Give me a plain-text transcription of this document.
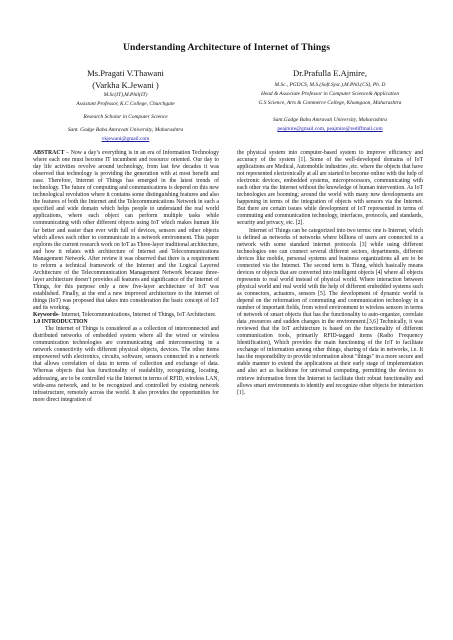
Understanding Architecture of Internet of Things
Ms.Pragati V.Thawani
(Varkha K.Jewani )
M.Sc(IT),M.Phil(IT)
Assistant Professor, K.C College, Churchgate
Research Scholar in Computer Science
Sant. Gadge Baba Amravati University, Maharashtra
vkjewani@gmail.com
Dr.Prafulla E.Ajmire,
M.Sc., PGDCS, M.S.(Soft.Syst.),M.Phil.(CS), Ph. D
Head & Associate Professor in Computer Science& Application
G.S Science, Arts & Commerce College, Khamgaon, Maharashtra
Sant.Gadge Baba Amravati University, Maharashtra
peajmire@gmail.com, peajmire@rediffmail.com

ABSTRACT – Now a day’s everything is in an era of Information Technology where each one must become IT incumbent and resource oriented. Our day to day life activities revolve around technology, from last few decades it was observed that technology is providing the generation with at most benefit and ease. Therefore, Internet of Things has emerged in the latest trends of technology. The future of computing and communications is depend on this new technological revolution where it contains some distinguishing features and also the features of both the Internet and the Telecommunications Network in such a specified and wide domain which helps people to understand the real world applications, where each object can perform multiple tasks while communicating with other different objects using IoT which makes human life far better and easier than ever with full of devices, sensors and other objects which allows each other to communicate in a network environment. This paper explores the current research work on IoT as Three-layer traditional architecture, and how it relates with architecture of Internet and Telecommunications Management Network. After review it was observed that there is a requirement to reform a technical framework of the Internet and the Logical Layered Architecture of the Telecommunication Management Network because three-layer architecture doesn’t provides all features and significance of the Internet of Things, for this purpose only a new five-layer architecture of IoT was established. Finally, at the end a new improved architecture to the internet of things (IoT) was proposed that takes into consideration the basic concept of IoT and its working.

Keywords- Internet, Telecommunications, Internet of Things, IoT Architecture.

1.0 INTRODUCTION

The Internet of Things is considered as a collection of interconnected and distributed networks of embedded system where all the wired or wireless communication technologies are communicating and interconnecting in a network connectivity with different physical objects, devices. The other items empowered with electronics, circuits, software, sensors connected in a network that allows correlation of data in terms of collection and exchange of data. Whereas objects that has functionality of readability, recognizing, locating, addressing, are to be controlled via the Internet in terms of RFID, wireless LAN, wide-area network, and to be recognized and controlled by existing network infrastructure, remotely across the world. It also provides the opportunities for more direct integration of

the physical system into computer-based system to improve efficiency and accuracy of the system [1]. Some of the well-developed domains of IoT applications are Medical, Automobile industries ,etc. where the objects that have not represented electronically at all are started to become online with the help of electronic devices, embedded systems, microprocessors, communicating with each other via the Internet without the knowledge of human intervention. As IoT technologies are booming; around the world with many new developments are happening in terms of the integration of objects with sensors via the Internet. But there are certain issues while development of IoT represented in terms of commuting and communication technology, interfaces, protocols, and standards, security and privacy, etc. [2].

Internet of Things can be categorized into two terms: one is Internet, which is defined as networks of networks where billions of users are connected in a network with some standard internet protocols [3] while using different technologies one can connect several different sectors, departments, different devices like mobile, personal systems and business organizations all are to be connected via the Internet. The second term is Thing, which basically means devices or objects that are converted into intelligent objects [4] where all objects represents to real world instead of physical world. Where interaction between physical world and real world with the help of different embedded systems such as connectors, actuators, sensors [5]. The development of dynamic world is depend on the reformation of commuting and communication technology in a number of important fields, from wired environment to wireless sensors in terms of network of smart objects that has the functionality to auto-organize, correlate data ,resources and sudden changes in the environment.[3,6] Technically, it was reviewed that the IoT architecture is based on the functionality of different communication tools, primarily RFID-tagged items (Radio Frequency Identification), Which provides the main functioning of the IoT to facilitate exchange of information among other things, sharing of data in networks, i.e. It has the responsibility to provide information about "things" in a more secure and stable manner to extend the applications at their early stage of implementation and also act as backbone for universal computing, permitting the devices to retrieve information from the Internet to facilitate their robust functionality and allows smart environments to identify and recognize other objects for interaction [1].
